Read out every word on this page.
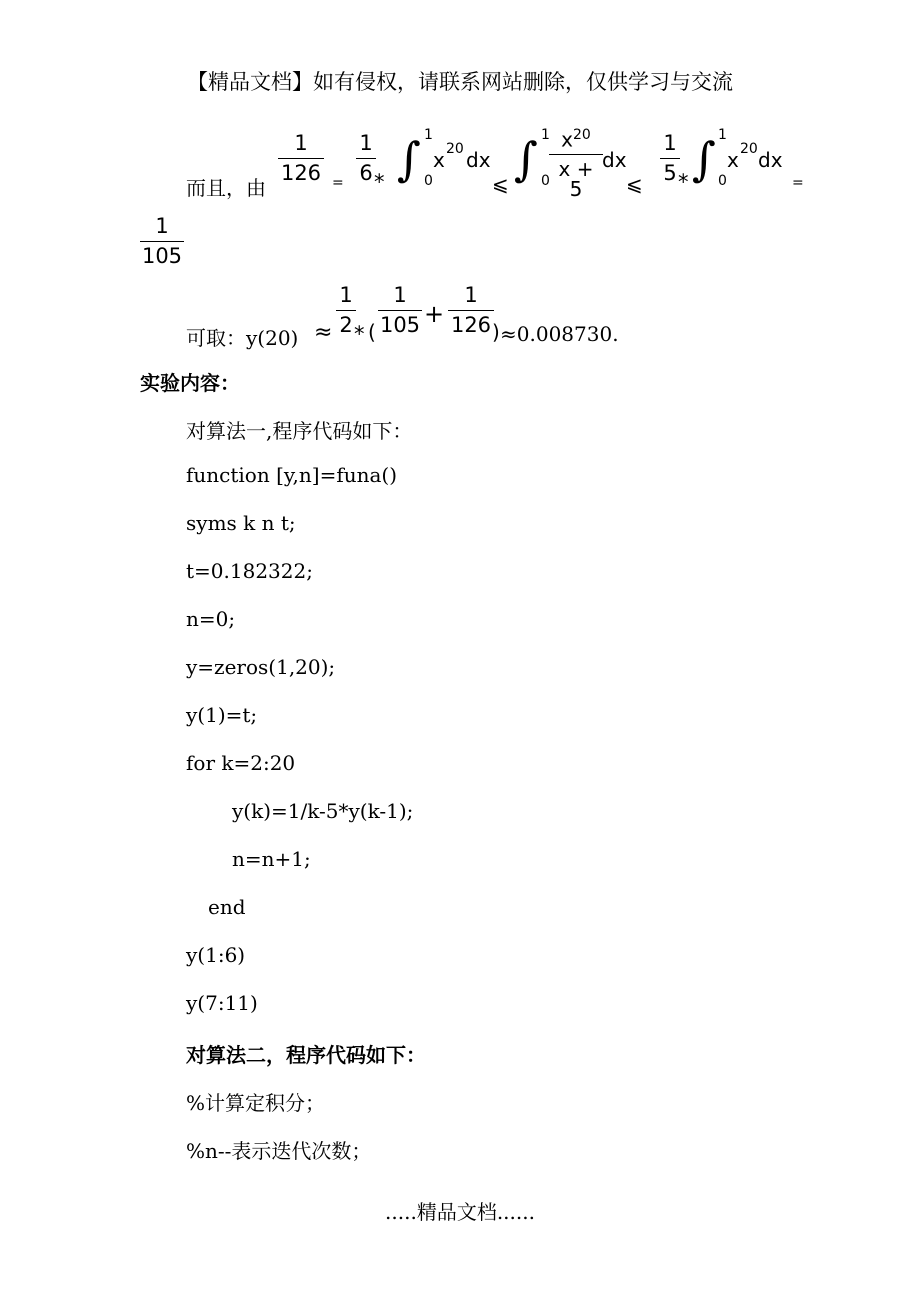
【精品文档】如有侵权，请联系网站删除，仅供学习与交流
而且，由
1
126 =
1
6 * ∫ 1
0
x 20 dx
⩽ ∫ 1
0
$x^{20}$
x + 5
dx
⩽
1
5 * ∫ 1
0
x 20 dx
=
1
105
可取：y(20) ≈
1
2 * (
1
105 +
1
126 ) ≈0.008730.
实验内容：
对算法一,程序代码如下：
function [y,n]=funa()
syms k n t;
t=0.182322;
n=0;
y=zeros(1,20);
y(1)=t;
for k=2:20
y(k)=1/k-5*y(k-1);
n=n+1;
end
y(1:6)
y(7:11)
对算法二，程序代码如下：
%计算定积分；
%n--表示迭代次数；
.....精品文档......
